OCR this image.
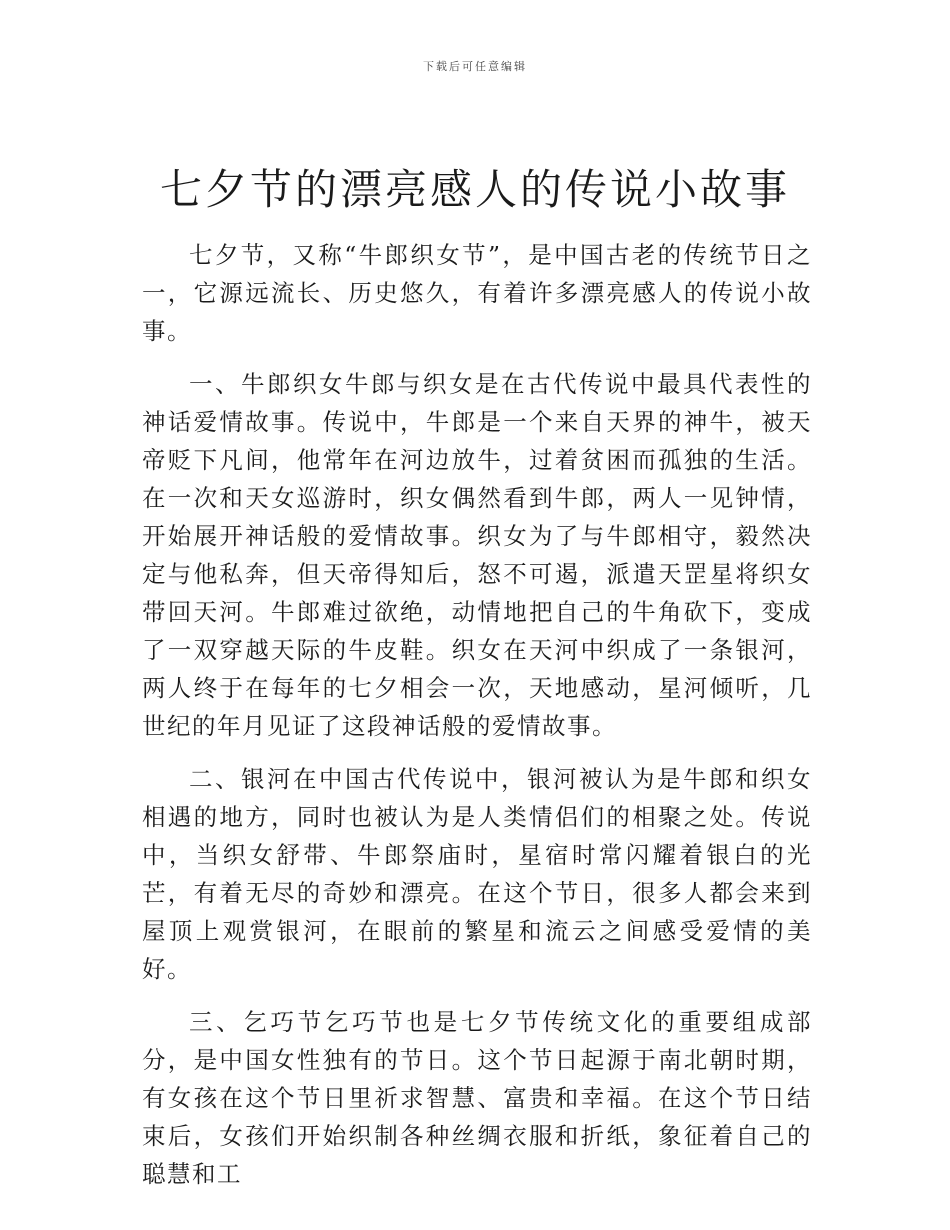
下载后可任意编辑
七夕节的漂亮感人的传说小故事

七夕节，又称“牛郎织女节”，是中国古老的传统节日之一，它源远流长、历史悠久，有着许多漂亮感人的传说小故事。

一、牛郎织女牛郎与织女是在古代传说中最具代表性的神话爱情故事。传说中，牛郎是一个来自天界的神牛，被天帝贬下凡间，他常年在河边放牛，过着贫困而孤独的生活。在一次和天女巡游时，织女偶然看到牛郎，两人一见钟情，开始展开神话般的爱情故事。织女为了与牛郎相守，毅然决定与他私奔，但天帝得知后，怒不可遏，派遣天罡星将织女带回天河。牛郎难过欲绝，动情地把自己的牛角砍下，变成了一双穿越天际的牛皮鞋。织女在天河中织成了一条银河，两人终于在每年的七夕相会一次，天地感动，星河倾听，几世纪的年月见证了这段神话般的爱情故事。

二、银河在中国古代传说中，银河被认为是牛郎和织女相遇的地方，同时也被认为是人类情侣们的相聚之处。传说中，当织女舒带、牛郎祭庙时，星宿时常闪耀着银白的光芒，有着无尽的奇妙和漂亮。在这个节日，很多人都会来到屋顶上观赏银河，在眼前的繁星和流云之间感受爱情的美好。

三、乞巧节乞巧节也是七夕节传统文化的重要组成部分，是中国女性独有的节日。这个节日起源于南北朝时期，有女孩在这个节日里祈求智慧、富贵和幸福。在这个节日结束后，女孩们开始织制各种丝绸衣服和折纸，象征着自己的聪慧和工
